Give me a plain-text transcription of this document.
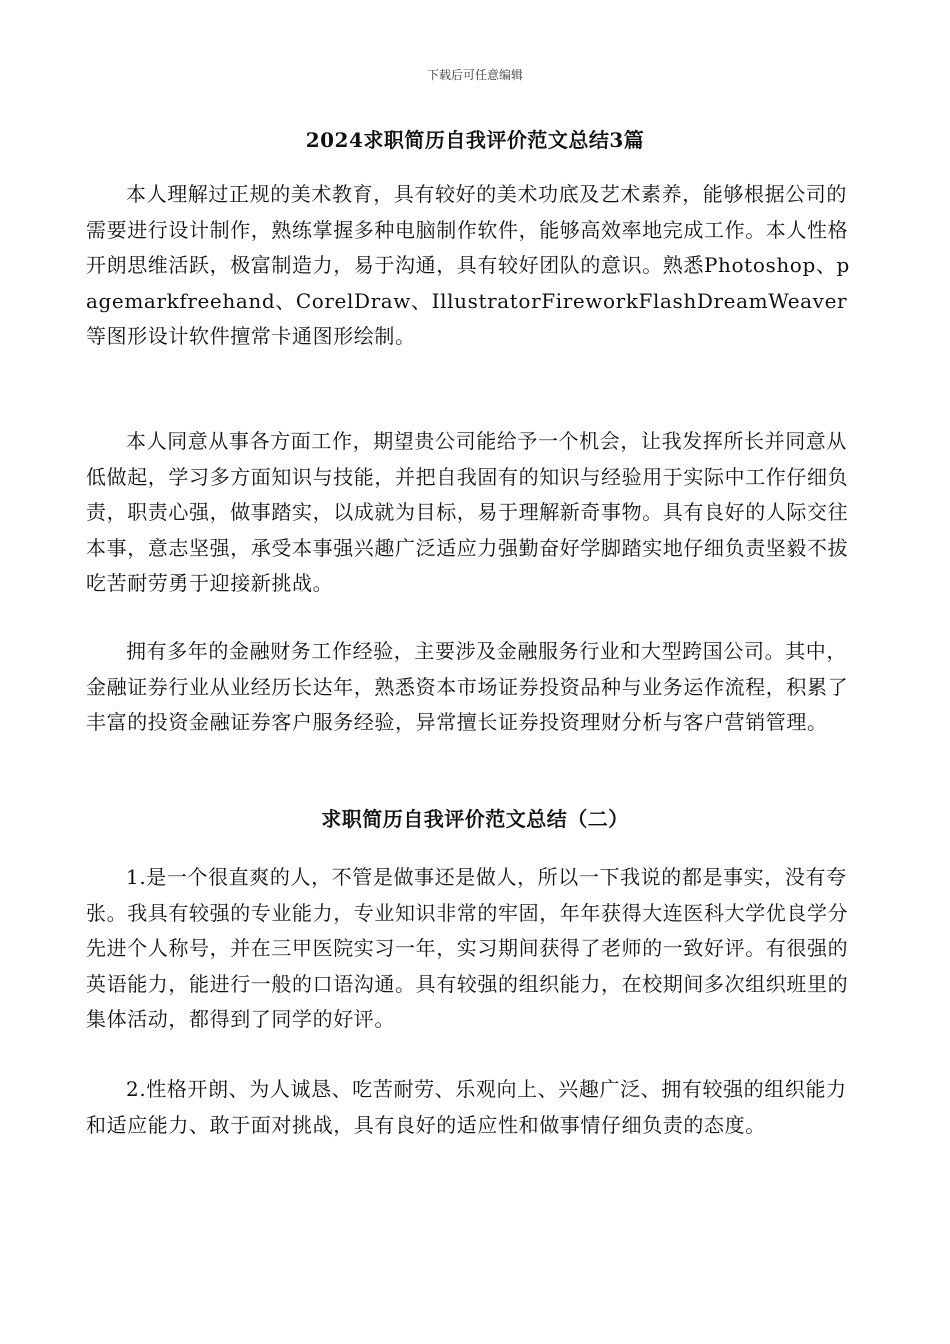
下载后可任意编辑
2024求职简历自我评价范文总结3篇

本人理解过正规的美术教育，具有较好的美术功底及艺术素养，能够根据公司的需要进行设计制作，熟练掌握多种电脑制作软件，能够高效率地完成工作。本人性格开朗思维活跃，极富制造力，易于沟通，具有较好团队的意识。熟悉Photoshop、pagemarkfreehand、CorelDraw、IllustratorFireworkFlashDreamWeaver等图形设计软件擅常卡通图形绘制。

本人同意从事各方面工作，期望贵公司能给予一个机会，让我发挥所长并同意从低做起，学习多方面知识与技能，并把自我固有的知识与经验用于实际中工作仔细负责，职责心强，做事踏实，以成就为目标，易于理解新奇事物。具有良好的人际交往本事，意志坚强，承受本事强兴趣广泛适应力强勤奋好学脚踏实地仔细负责坚毅不拔吃苦耐劳勇于迎接新挑战。

拥有多年的金融财务工作经验，主要涉及金融服务行业和大型跨国公司。其中，金融证券行业从业经历长达年，熟悉资本市场证券投资品种与业务运作流程，积累了丰富的投资金融证券客户服务经验，异常擅长证券投资理财分析与客户营销管理。

求职简历自我评价范文总结（二）

1.是一个很直爽的人，不管是做事还是做人，所以一下我说的都是事实，没有夸张。我具有较强的专业能力，专业知识非常的牢固，年年获得大连医科大学优良学分先进个人称号，并在三甲医院实习一年，实习期间获得了老师的一致好评。有很强的英语能力，能进行一般的口语沟通。具有较强的组织能力，在校期间多次组织班里的集体活动，都得到了同学的好评。

2.性格开朗、为人诚恳、吃苦耐劳、乐观向上、兴趣广泛、拥有较强的组织能力和适应能力、敢于面对挑战，具有良好的适应性和做事情仔细负责的态度。
